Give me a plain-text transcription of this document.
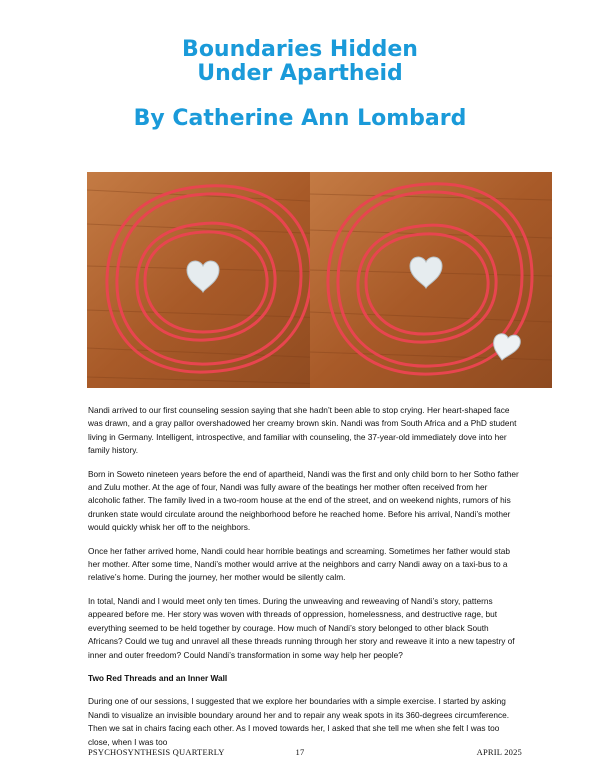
Boundaries Hidden
Under Apartheid
By Catherine Ann Lombard

Nandi arrived to our first counseling session saying that she hadn’t been able to stop crying. Her heart-shaped face was drawn, and a gray pallor overshadowed her creamy brown skin. Nandi was from South Africa and a PhD student living in Germany. Intelligent, introspective, and familiar with counseling, the 37-year-old immediately dove into her family history.

Born in Soweto nineteen years before the end of apartheid, Nandi was the first and only child born to her Sotho father and Zulu mother. At the age of four, Nandi was fully aware of the beatings her mother often received from her alcoholic father. The family lived in a two-room house at the end of the street, and on weekend nights, rumors of his drunken state would circulate around the neighborhood before he reached home. Before his arrival, Nandi’s mother would quickly whisk her off to the neighbors.

Once her father arrived home, Nandi could hear horrible beatings and screaming. Sometimes her father would stab her mother. After some time, Nandi’s mother would arrive at the neighbors and carry Nandi away on a taxi-bus to a relative’s home. During the journey, her mother would be silently calm.

In total, Nandi and I would meet only ten times. During the unweaving and reweaving of Nandi’s story, patterns appeared before me. Her story was woven with threads of oppression, homelessness, and destructive rage, but everything seemed to be held together by courage. How much of Nandi’s story belonged to other black South Africans? Could we tug and unravel all these threads running through her story and reweave it into a new tapestry of inner and outer freedom? Could Nandi’s transformation in some way help her people?

Two Red Threads and an Inner Wall

During one of our sessions, I suggested that we explore her boundaries with a simple exercise. I started by asking Nandi to visualize an invisible boundary around her and to repair any weak spots in its 360-degrees circumference. Then we sat in chairs facing each other. As I moved towards her, I asked that she tell me when she felt I was too close, when I was too

PSYCHOSYNTHESIS QUARTERLY	17	APRIL 2025
